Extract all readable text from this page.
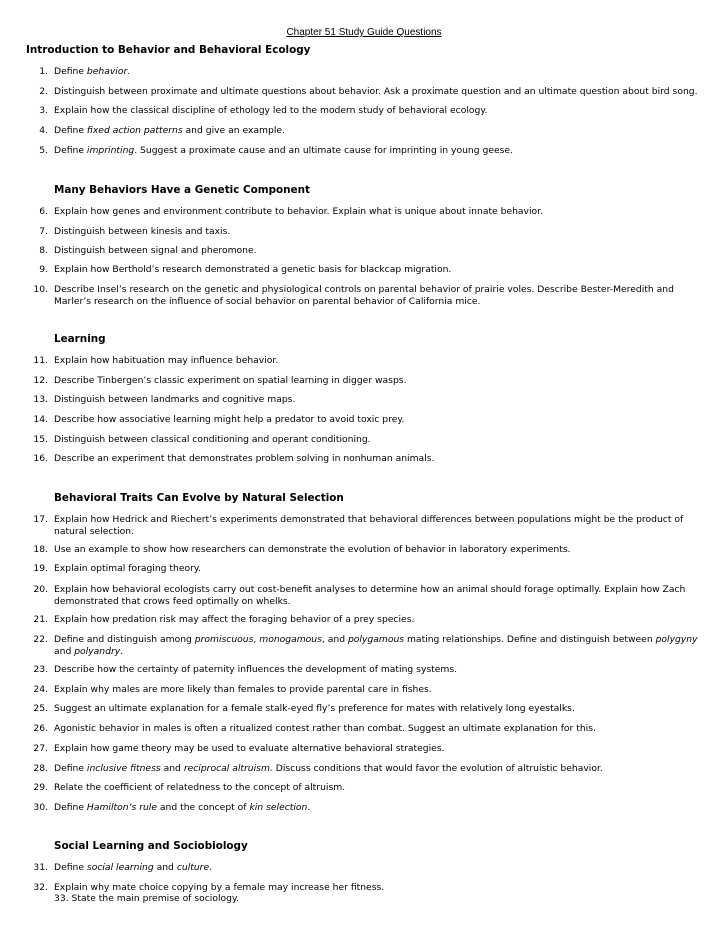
Chapter 51 Study Guide Questions
Introduction to Behavior and Behavioral Ecology
1. Define behavior.
2. Distinguish between proximate and ultimate questions about behavior. Ask a proximate question and an ultimate question about bird song.
3. Explain how the classical discipline of ethology led to the modern study of behavioral ecology.
4. Define fixed action patterns and give an example.
5. Define imprinting. Suggest a proximate cause and an ultimate cause for imprinting in young geese.
Many Behaviors Have a Genetic Component
6. Explain how genes and environment contribute to behavior. Explain what is unique about innate behavior.
7. Distinguish between kinesis and taxis.
8. Distinguish between signal and pheromone.
9. Explain how Berthold’s research demonstrated a genetic basis for blackcap migration.
10. Describe Insel’s research on the genetic and physiological controls on parental behavior of prairie voles. Describe Bester-Meredith and Marler’s research on the influence of social behavior on parental behavior of California mice.
Learning
11. Explain how habituation may influence behavior.
12. Describe Tinbergen’s classic experiment on spatial learning in digger wasps.
13. Distinguish between landmarks and cognitive maps.
14. Describe how associative learning might help a predator to avoid toxic prey.
15. Distinguish between classical conditioning and operant conditioning.
16. Describe an experiment that demonstrates problem solving in nonhuman animals.
Behavioral Traits Can Evolve by Natural Selection
17. Explain how Hedrick and Riechert’s experiments demonstrated that behavioral differences between populations might be the product of natural selection.
18. Use an example to show how researchers can demonstrate the evolution of behavior in laboratory experiments.
19. Explain optimal foraging theory.
20. Explain how behavioral ecologists carry out cost-benefit analyses to determine how an animal should forage optimally. Explain how Zach demonstrated that crows feed optimally on whelks.
21. Explain how predation risk may affect the foraging behavior of a prey species.
22. Define and distinguish among promiscuous, monogamous, and polygamous mating relationships. Define and distinguish between polygyny and polyandry.
23. Describe how the certainty of paternity influences the development of mating systems.
24. Explain why males are more likely than females to provide parental care in fishes.
25. Suggest an ultimate explanation for a female stalk-eyed fly’s preference for mates with relatively long eyestalks.
26. Agonistic behavior in males is often a ritualized contest rather than combat. Suggest an ultimate explanation for this.
27. Explain how game theory may be used to evaluate alternative behavioral strategies.
28. Define inclusive fitness and reciprocal altruism. Discuss conditions that would favor the evolution of altruistic behavior.
29. Relate the coefficient of relatedness to the concept of altruism.
30. Define Hamilton’s rule and the concept of kin selection.
Social Learning and Sociobiology
31. Define social learning and culture.
32. Explain why mate choice copying by a female may increase her fitness.
33. State the main premise of sociology.
